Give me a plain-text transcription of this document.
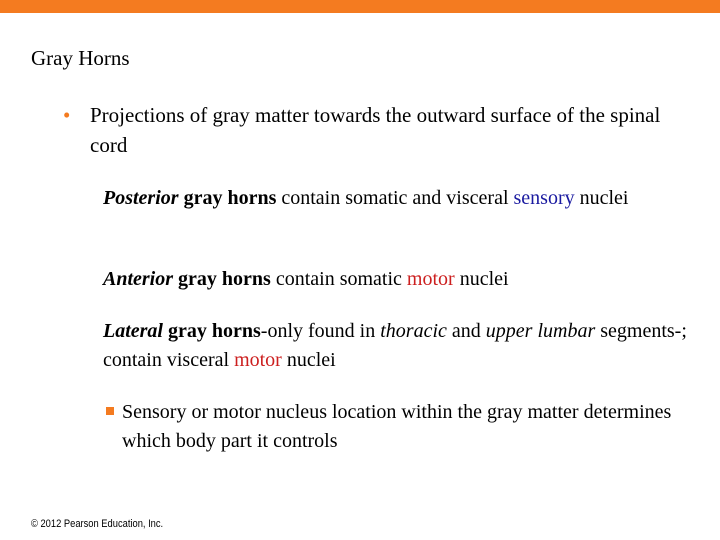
Gray Horns
• Projections of gray matter towards the outward surface of the spinal cord

Posterior gray horns contain somatic and visceral sensory nuclei

Anterior gray horns contain somatic motor nuclei

Lateral gray horns-only found in thoracic and upper lumbar segments-; contain visceral motor nuclei

Sensory or motor nucleus location within the gray matter determines which body part it controls

© 2012 Pearson Education, Inc.
